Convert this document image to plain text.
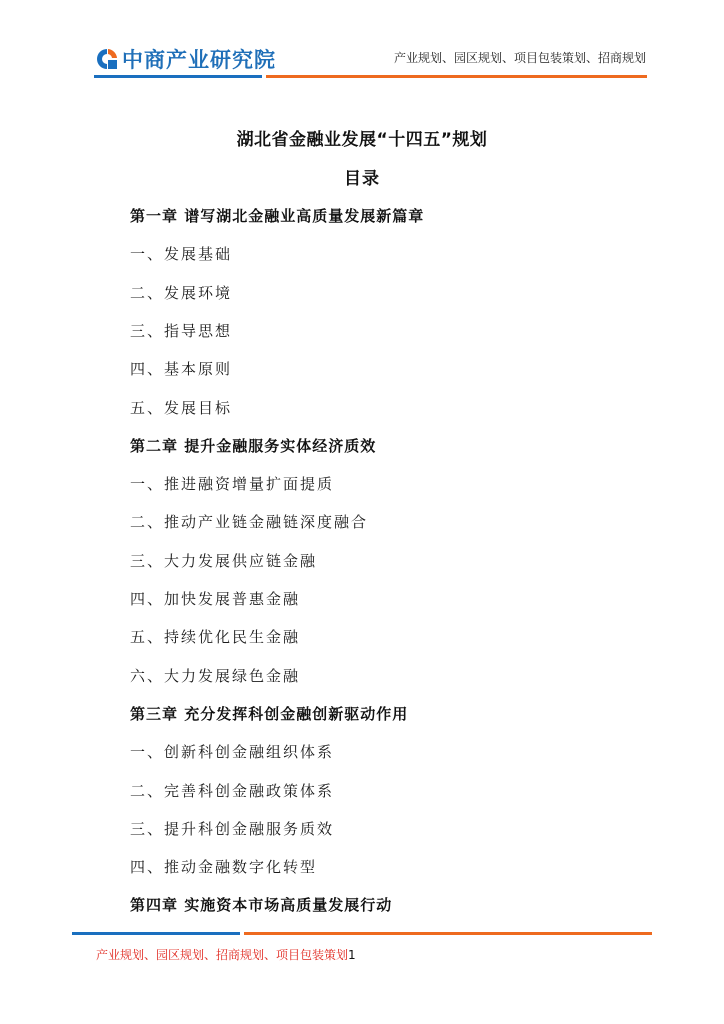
中商产业研究院	产业规划、园区规划、项目包装策划、招商规划
湖北省金融业发展“十四五”规划
目录
第一章 谱写湖北金融业高质量发展新篇章
一、发展基础
二、发展环境
三、指导思想
四、基本原则
五、发展目标
第二章 提升金融服务实体经济质效
一、推进融资增量扩面提质
二、推动产业链金融链深度融合
三、大力发展供应链金融
四、加快发展普惠金融
五、持续优化民生金融
六、大力发展绿色金融
第三章 充分发挥科创金融创新驱动作用
一、创新科创金融组织体系
二、完善科创金融政策体系
三、提升科创金融服务质效
四、推动金融数字化转型
第四章 实施资本市场高质量发展行动
产业规划、园区规划、招商规划、项目包装策划1
